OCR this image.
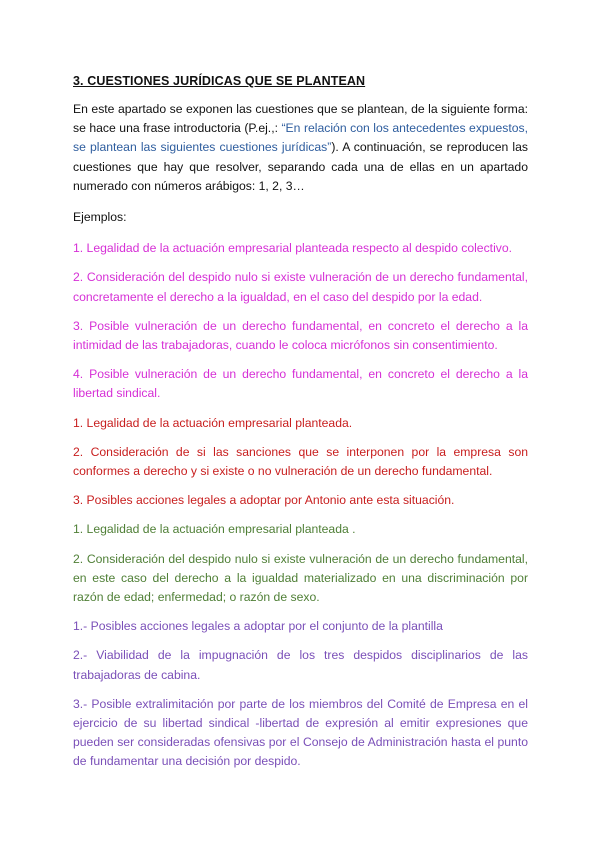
3. CUESTIONES JURÍDICAS QUE SE PLANTEAN

En este apartado se exponen las cuestiones que se plantean, de la siguiente forma: se hace una frase introductoria (P.ej.,: “En relación con los antecedentes expuestos, se plantean las siguientes cuestiones jurídicas”). A continuación, se reproducen las cuestiones que hay que resolver, separando cada una de ellas en un apartado numerado con números arábigos: 1, 2, 3…

Ejemplos:

1. Legalidad de la actuación empresarial planteada respecto al despido colectivo.

2. Consideración del despido nulo si existe vulneración de un derecho fundamental, concretamente el derecho a la igualdad, en el caso del despido por la edad.

3. Posible vulneración de un derecho fundamental, en concreto el derecho a la intimidad de las trabajadoras, cuando le coloca micrófonos sin consentimiento.

4. Posible vulneración de un derecho fundamental, en concreto el derecho a la libertad sindical.

1. Legalidad de la actuación empresarial planteada.

2. Consideración de si las sanciones que se interponen por la empresa son conformes a derecho y si existe o no vulneración de un derecho fundamental.

3. Posibles acciones legales a adoptar por Antonio ante esta situación.

1. Legalidad de la actuación empresarial planteada .

2. Consideración del despido nulo si existe vulneración de un derecho fundamental, en este caso del derecho a la igualdad materializado en una discriminación por razón de edad; enfermedad; o razón de sexo.

1.- Posibles acciones legales a adoptar por el conjunto de la plantilla

2.- Viabilidad de la impugnación de los tres despidos disciplinarios de las trabajadoras de cabina.

3.- Posible extralimitación por parte de los miembros del Comité de Empresa en el ejercicio de su libertad sindical -libertad de expresión al emitir expresiones que pueden ser consideradas ofensivas por el Consejo de Administración hasta el punto de fundamentar una decisión por despido.
